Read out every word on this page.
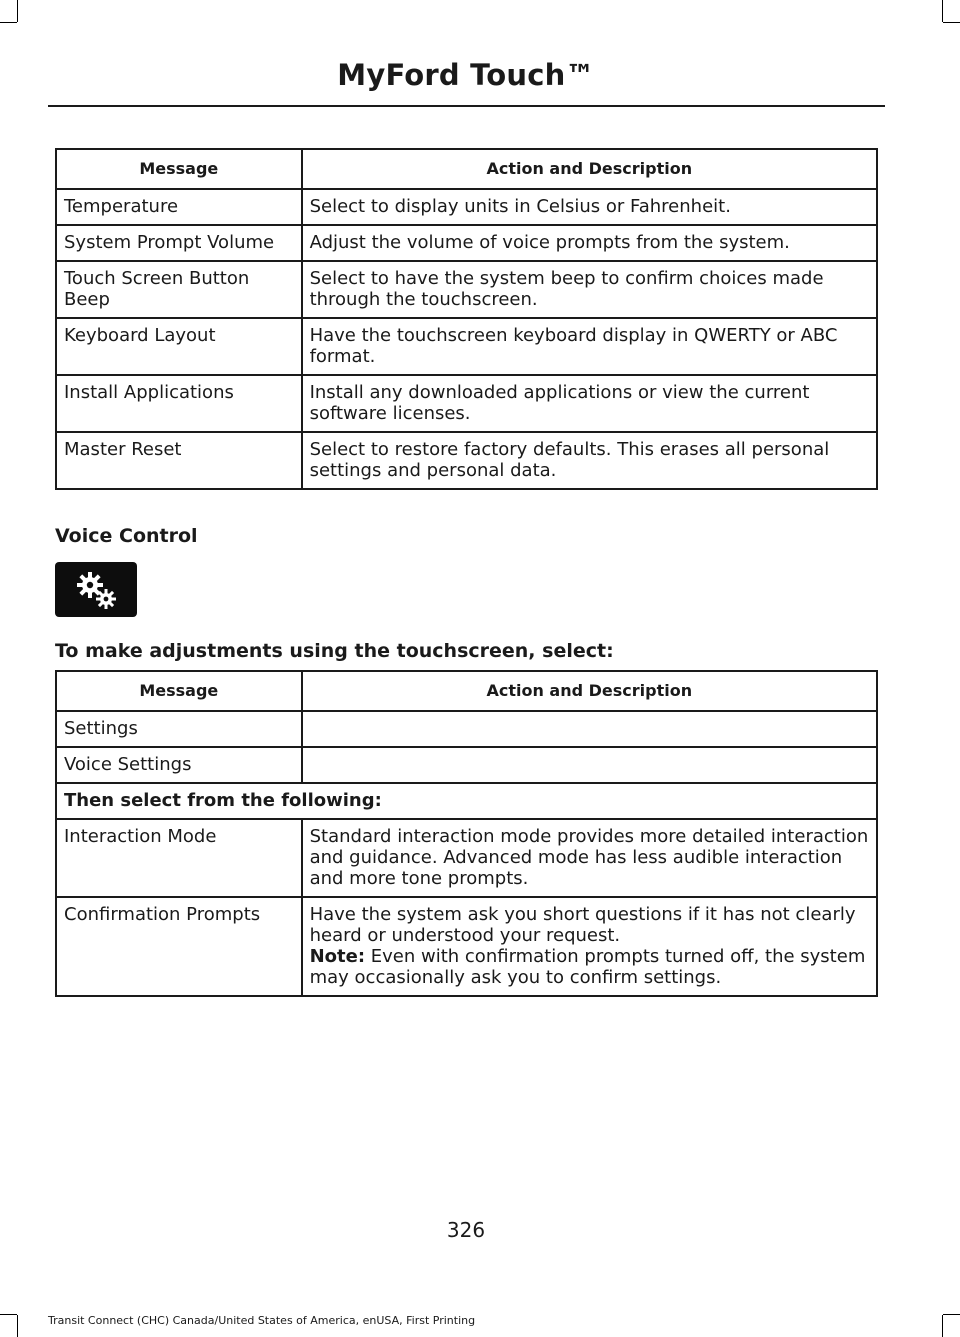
MyFord Touch™
Message	Action and Description
Temperature	Select to display units in Celsius or Fahrenheit.
System Prompt Volume	Adjust the volume of voice prompts from the system.
Touch Screen Button Beep	Select to have the system beep to confirm choices made through the touchscreen.
Keyboard Layout	Have the touchscreen keyboard display in QWERTY or ABC format.
Install Applications	Install any downloaded applications or view the current software licenses.
Master Reset	Select to restore factory defaults. This erases all personal settings and personal data.
Voice Control
To make adjustments using the touchscreen, select:
Message	Action and Description
Settings	
Voice Settings	
Then select from the following:	
Interaction Mode	Standard interaction mode provides more detailed interaction and guidance. Advanced mode has less audible interaction and more tone prompts.
Confirmation Prompts	Have the system ask you short questions if it has not clearly heard or understood your request.
Note: Even with confirmation prompts turned off, the system may occasionally ask you to confirm settings.
326
Transit Connect (CHC) Canada/United States of America, enUSA, First Printing
